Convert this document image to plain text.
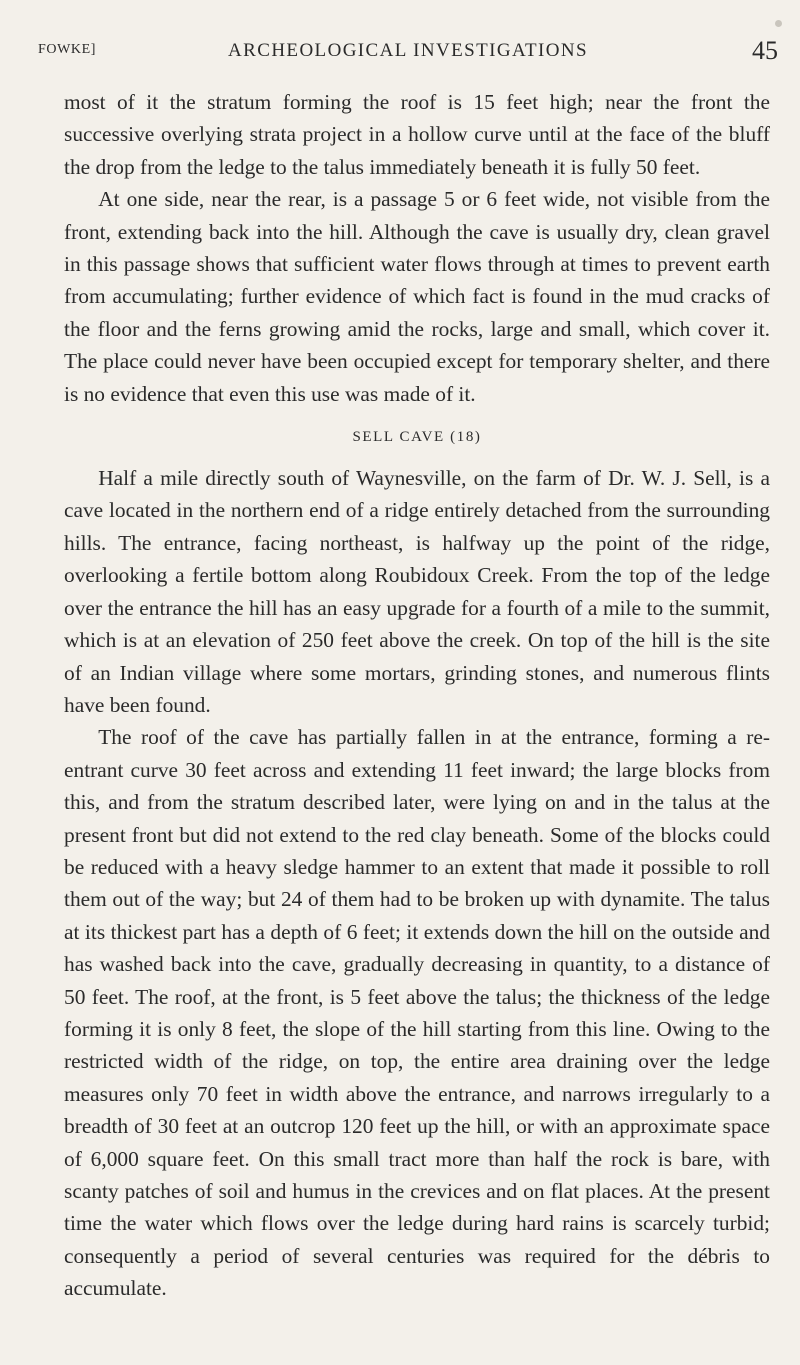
FOWKE]	ARCHEOLOGICAL INVESTIGATIONS	45

most of it the stratum forming the roof is 15 feet high; near the front the successive overlying strata project in a hollow curve until at the face of the bluff the drop from the ledge to the talus immediately beneath it is fully 50 feet.

At one side, near the rear, is a passage 5 or 6 feet wide, not visible from the front, extending back into the hill. Although the cave is usually dry, clean gravel in this passage shows that sufficient water flows through at times to prevent earth from accumulating; further evidence of which fact is found in the mud cracks of the floor and the ferns growing amid the rocks, large and small, which cover it. The place could never have been occupied except for temporary shelter, and there is no evidence that even this use was made of it.

SELL CAVE (18)

Half a mile directly south of Waynesville, on the farm of Dr. W. J. Sell, is a cave located in the northern end of a ridge entirely detached from the surrounding hills. The entrance, facing northeast, is halfway up the point of the ridge, overlooking a fertile bottom along Roubidoux Creek. From the top of the ledge over the entrance the hill has an easy upgrade for a fourth of a mile to the summit, which is at an elevation of 250 feet above the creek. On top of the hill is the site of an Indian village where some mortars, grinding stones, and numerous flints have been found.

The roof of the cave has partially fallen in at the entrance, forming a re-entrant curve 30 feet across and extending 11 feet inward; the large blocks from this, and from the stratum described later, were lying on and in the talus at the present front but did not extend to the red clay beneath. Some of the blocks could be reduced with a heavy sledge hammer to an extent that made it possible to roll them out of the way; but 24 of them had to be broken up with dynamite. The talus at its thickest part has a depth of 6 feet; it extends down the hill on the outside and has washed back into the cave, gradually decreasing in quantity, to a distance of 50 feet. The roof, at the front, is 5 feet above the talus; the thickness of the ledge forming it is only 8 feet, the slope of the hill starting from this line. Owing to the restricted width of the ridge, on top, the entire area draining over the ledge measures only 70 feet in width above the entrance, and narrows irregularly to a breadth of 30 feet at an outcrop 120 feet up the hill, or with an approximate space of 6,000 square feet. On this small tract more than half the rock is bare, with scanty patches of soil and humus in the crevices and on flat places. At the present time the water which flows over the ledge during hard rains is scarcely turbid; consequently a period of several centuries was required for the débris to accumulate.
